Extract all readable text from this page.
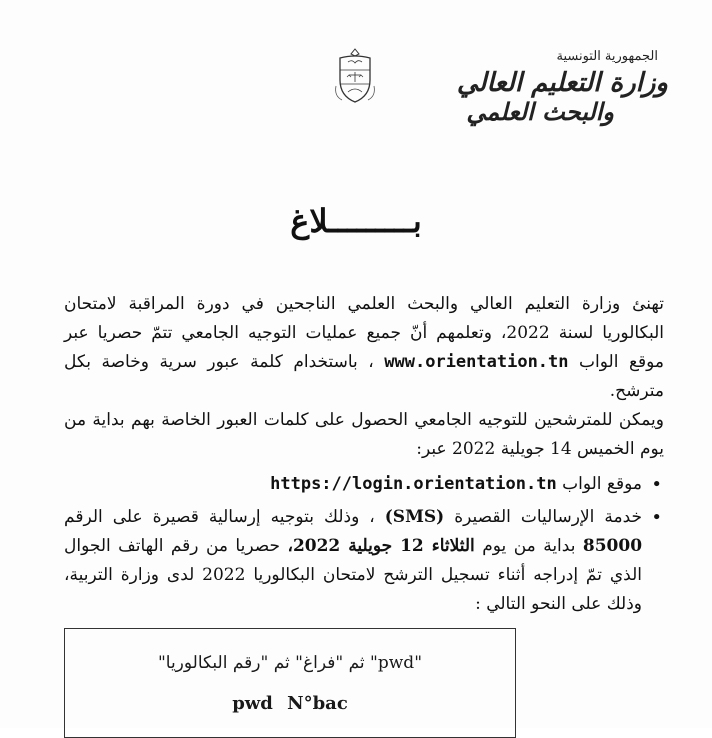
الجمهورية التونسية
وزارة التعليم العالي
والبحث العلمي
بـــــــــلاغ

تهنئ وزارة التعليم العالي والبحث العلمي الناجحين في دورة المراقبة لامتحان البكالوريا لسنة 2022، وتعلمهم أنّ جميع عمليات التوجيه الجامعي تتمّ حصريا عبر موقع الواب www.orientation.tn ، باستخدام كلمة عبور سرية وخاصة بكل مترشح.

ويمكن للمترشحين للتوجيه الجامعي الحصول على كلمات العبور الخاصة بهم بداية من يوم الخميس 14 جويلية 2022 عبر:

• موقع الواب https://login.orientation.tn
• خدمة الإرساليات القصيرة (SMS) ، وذلك بتوجيه إرسالية قصيرة على الرقم 85000 بداية من يوم الثلاثاء 12 جويلية 2022، حصريا من رقم الهاتف الجوال الذي تمّ إدراجه أثناء تسجيل الترشح لامتحان البكالوريا 2022 لدى وزارة التربية، وذلك على النحو التالي :
"pwd" ثم "فراغ" ثم "رقم البكالوريا"
pwd N°bac
